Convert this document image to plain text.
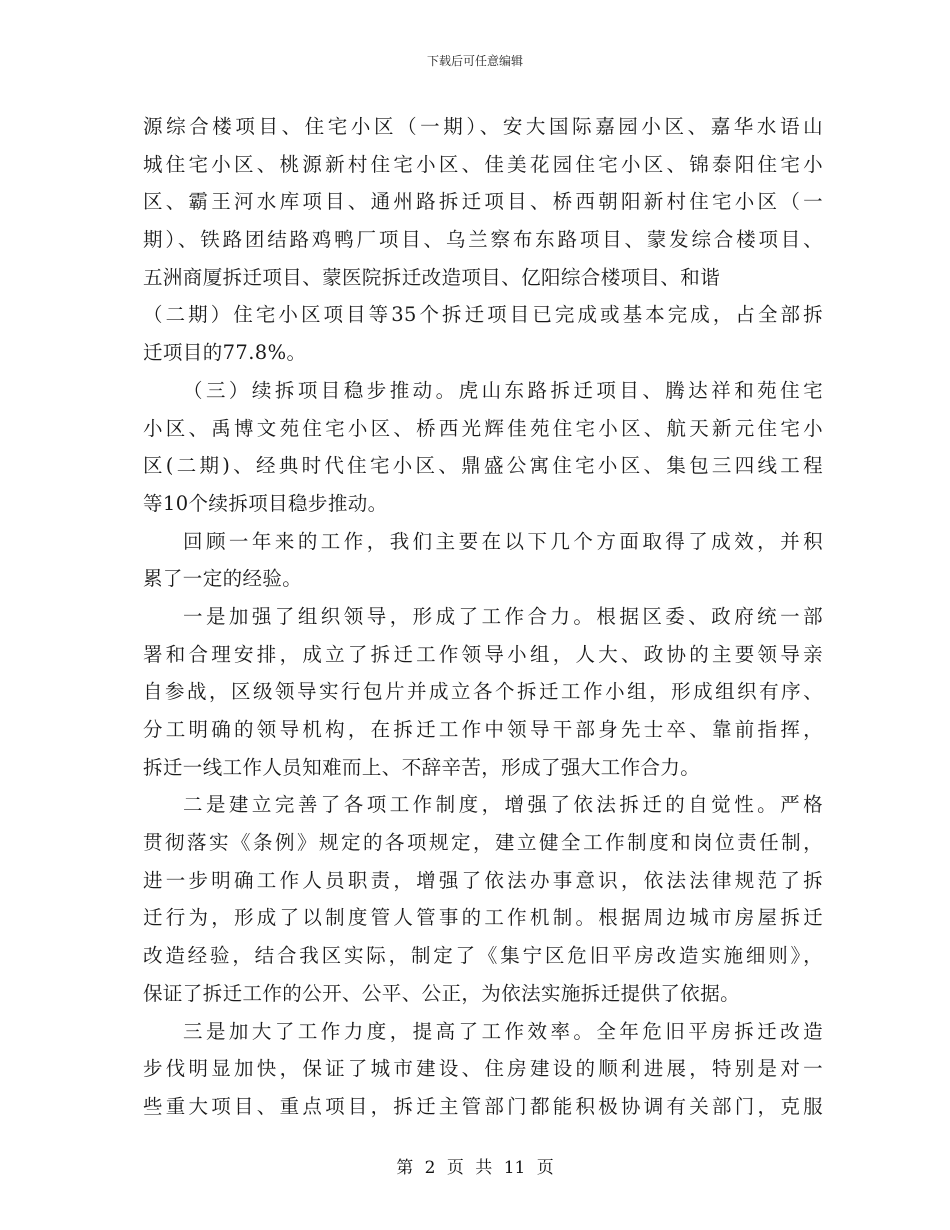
下载后可任意编辑
源综合楼项目、住宅小区（一期）、安大国际嘉园小区、嘉华水语山
城住宅小区、桃源新村住宅小区、佳美花园住宅小区、锦泰阳住宅小
区、霸王河水库项目、通州路拆迁项目、桥西朝阳新村住宅小区（一
期）、铁路团结路鸡鸭厂项目、乌兰察布东路项目、蒙发综合楼项目、
五洲商厦拆迁项目、蒙医院拆迁改造项目、亿阳综合楼项目、和谐
（二期）住宅小区项目等35个拆迁项目已完成或基本完成，占全部拆
迁项目的77.8%。
（三）续拆项目稳步推动。虎山东路拆迁项目、腾达祥和苑住宅
小区、禹博文苑住宅小区、桥西光辉佳苑住宅小区、航天新元住宅小
区(二期)、经典时代住宅小区、鼎盛公寓住宅小区、集包三四线工程
等10个续拆项目稳步推动。
回顾一年来的工作，我们主要在以下几个方面取得了成效，并积
累了一定的经验。
一是加强了组织领导，形成了工作合力。根据区委、政府统一部
署和合理安排，成立了拆迁工作领导小组，人大、政协的主要领导亲
自参战，区级领导实行包片并成立各个拆迁工作小组，形成组织有序、
分工明确的领导机构，在拆迁工作中领导干部身先士卒、靠前指挥，
拆迁一线工作人员知难而上、不辞辛苦，形成了强大工作合力。
二是建立完善了各项工作制度，增强了依法拆迁的自觉性。严格
贯彻落实《条例》规定的各项规定，建立健全工作制度和岗位责任制，
进一步明确工作人员职责，增强了依法办事意识，依法法律规范了拆
迁行为，形成了以制度管人管事的工作机制。根据周边城市房屋拆迁
改造经验，结合我区实际，制定了《集宁区危旧平房改造实施细则》，
保证了拆迁工作的公开、公平、公正，为依法实施拆迁提供了依据。
三是加大了工作力度，提高了工作效率。全年危旧平房拆迁改造
步伐明显加快，保证了城市建设、住房建设的顺利进展，特别是对一
些重大项目、重点项目，拆迁主管部门都能积极协调有关部门，克服
第 2 页 共 11 页
